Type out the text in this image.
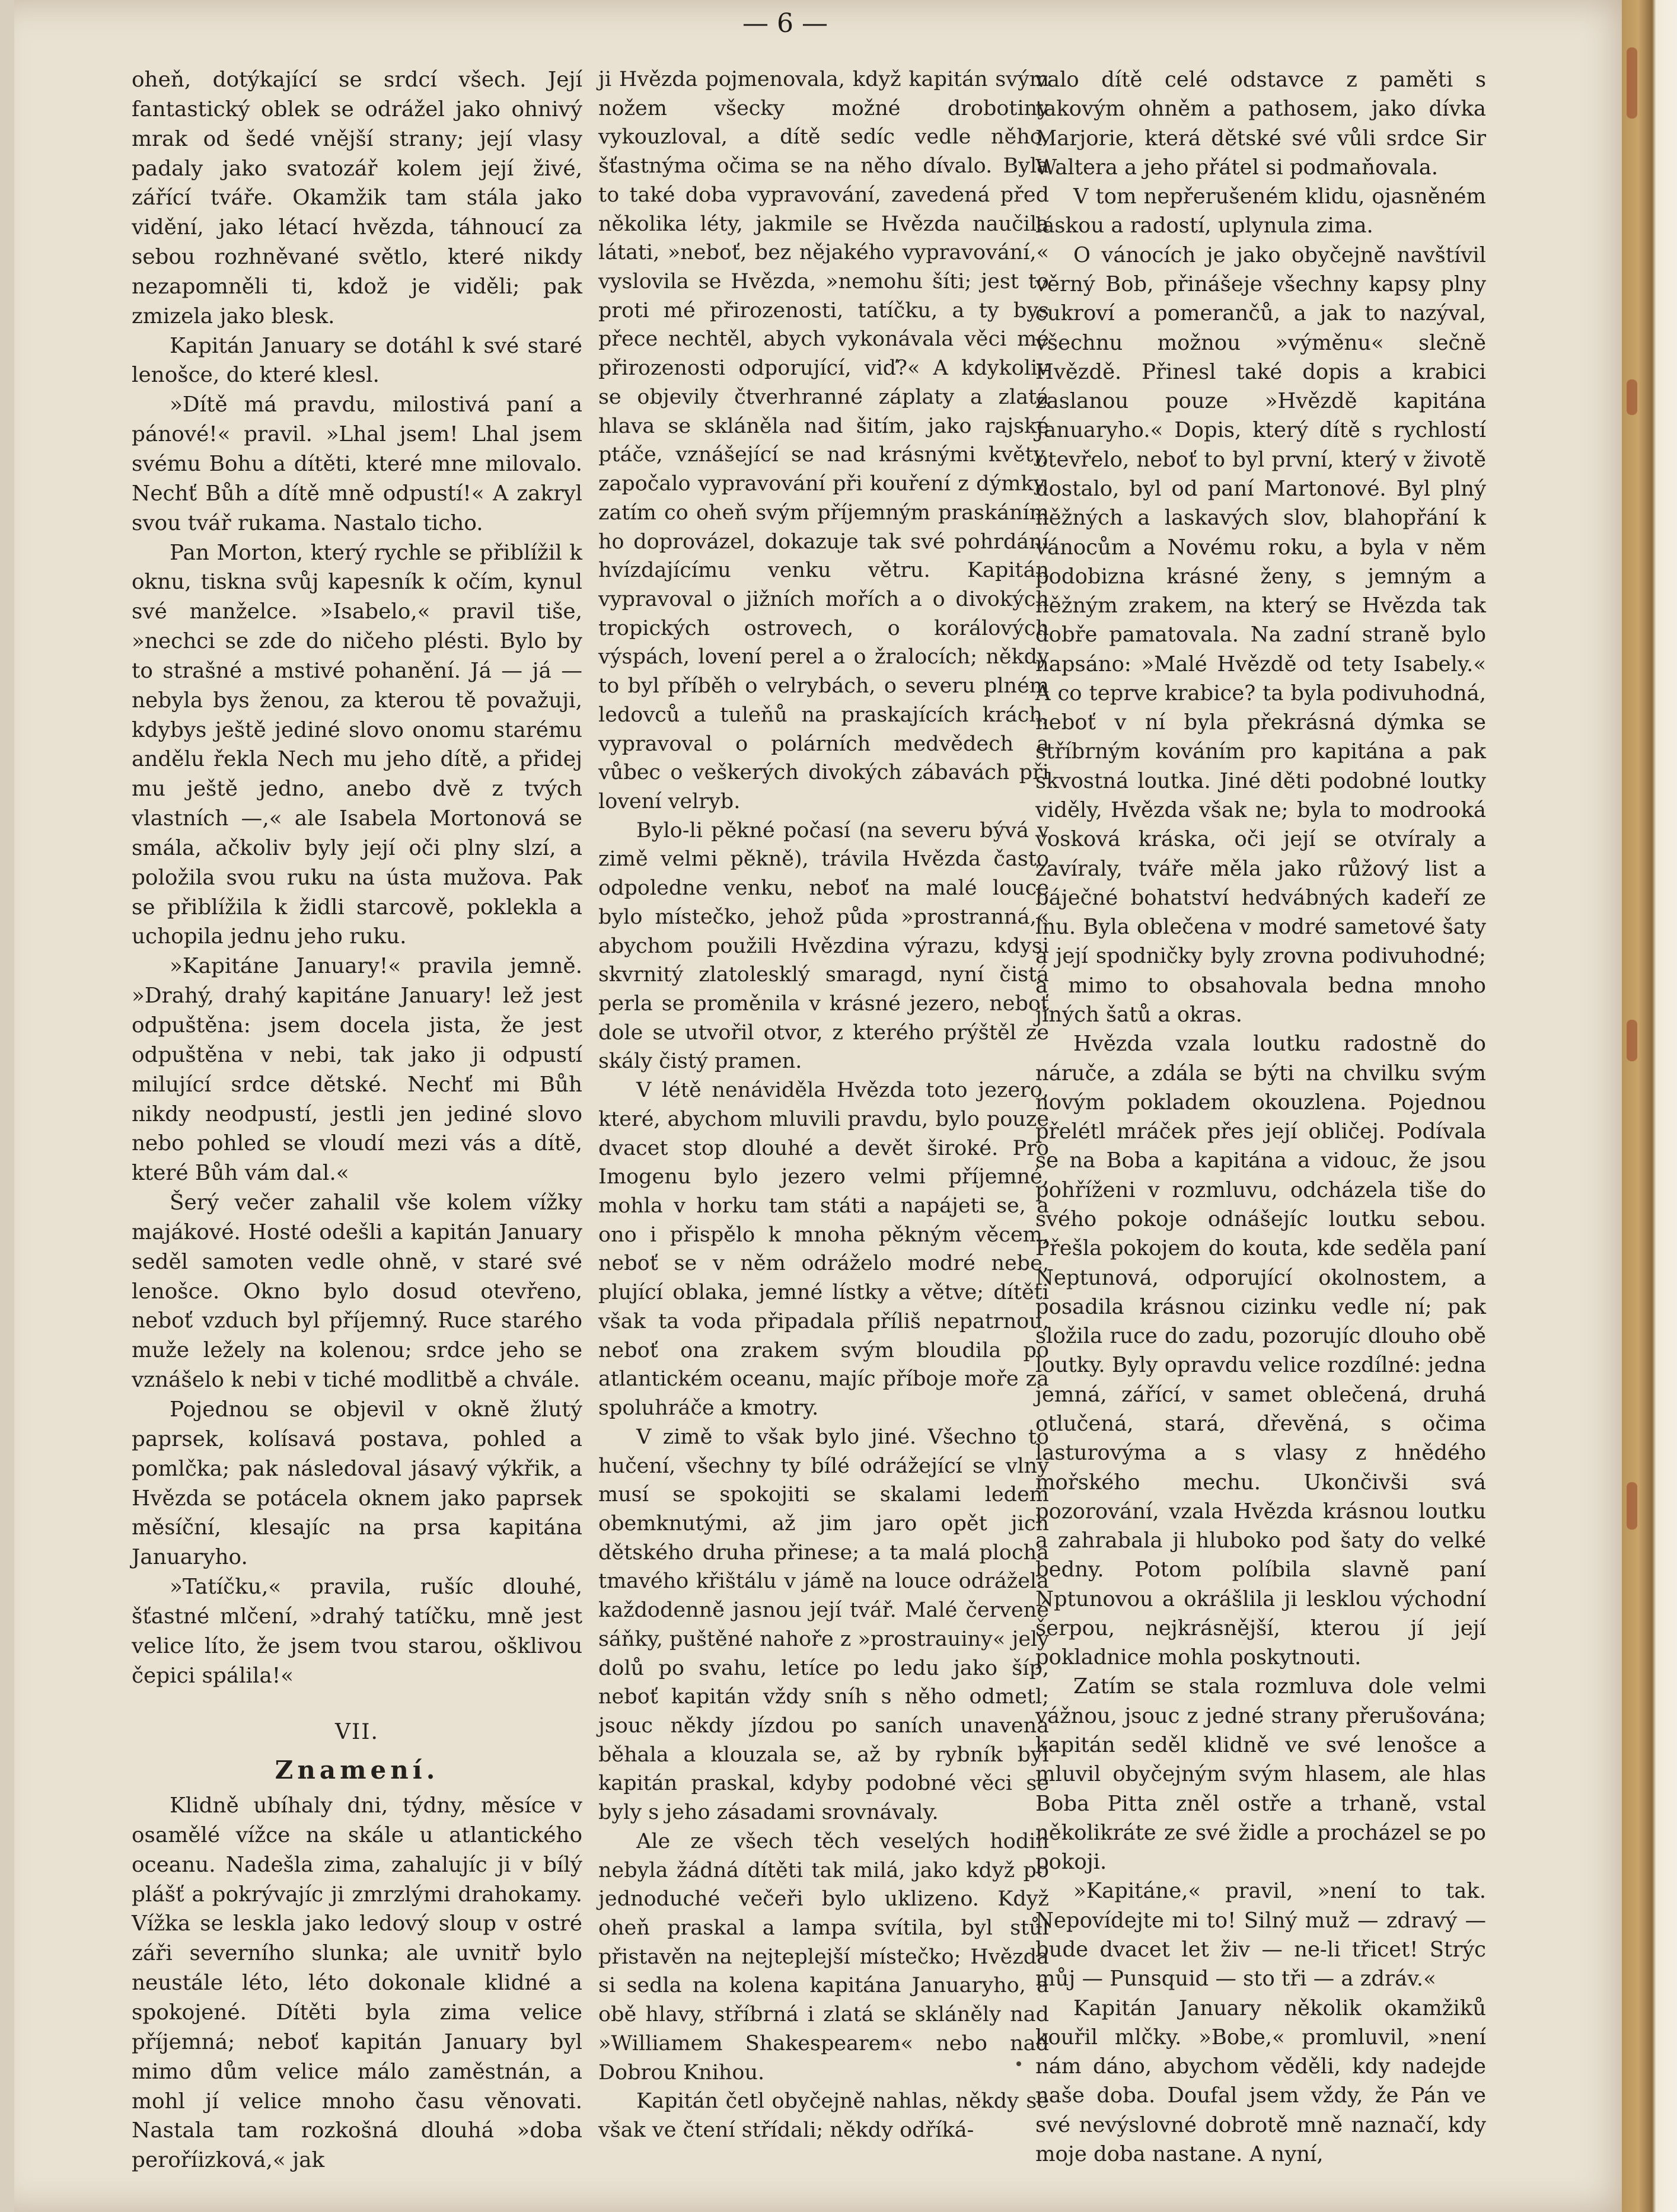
— 6 —

oheň, dotýkající se srdcí všech. Její fantastický oblek se odrážel jako ohnivý mrak od šedé vnější strany; její vlasy padaly jako svatozář kolem její živé, zářící tváře. Okamžik tam stála jako vidění, jako létací hvězda, táhnoucí za sebou rozhněvané světlo, které nikdy nezapomněli ti, kdož je viděli; pak zmizela jako blesk.

Kapitán January se dotáhl k své staré lenošce, do které klesl.

»Dítě má pravdu, milostivá paní a pánové!« pravil. »Lhal jsem! Lhal jsem svému Bohu a dítěti, které mne milovalo. Nechť Bůh a dítě mně odpustí!« A zakryl svou tvář rukama. Nastalo ticho.

Pan Morton, který rychle se přiblížil k oknu, tiskna svůj kapesník k očím, kynul své manželce. »Isabelo,« pravil tiše, »nechci se zde do ničeho plésti. Bylo by to strašné a mstivé pohanění. Já — já — nebyla bys ženou, za kterou tě považuji, kdybys ještě jediné slovo onomu starému andělu řekla Nech mu jeho dítě, a přidej mu ještě jedno, anebo dvě z tvých vlastních —,« ale Isabela Mortonová se smála, ačkoliv byly její oči plny slzí, a položila svou ruku na ústa mužova. Pak se přiblížila k židli starcově, poklekla a uchopila jednu jeho ruku.

»Kapitáne January!« pravila jemně. »Drahý, drahý kapitáne January! lež jest odpuštěna: jsem docela jista, že jest odpuštěna v nebi, tak jako ji odpustí milující srdce dětské. Nechť mi Bůh nikdy neodpustí, jestli jen jediné slovo nebo pohled se vloudí mezi vás a dítě, které Bůh vám dal.«

Šerý večer zahalil vše kolem vížky majákové. Hosté odešli a kapitán January seděl samoten vedle ohně, v staré své lenošce. Okno bylo dosud otevřeno, neboť vzduch byl příjemný. Ruce starého muže ležely na kolenou; srdce jeho se vznášelo k nebi v tiché modlitbě a chvále.

Pojednou se objevil v okně žlutý paprsek, kolísavá postava, pohled a pomlčka; pak následoval jásavý výkřik, a Hvězda se potácela oknem jako paprsek měsíční, klesajíc na prsa kapitána Januaryho.

»Tatíčku,« pravila, rušíc dlouhé, šťastné mlčení, »drahý tatíčku, mně jest velice líto, že jsem tvou starou, ošklivou čepici spálila!«

VII.
Znamení.

Klidně ubíhaly dni, týdny, měsíce v osamělé vížce na skále u atlantického oceanu. Nadešla zima, zahalujíc ji v bílý plášť a pokrývajíc ji zmrzlými drahokamy. Vížka se leskla jako ledový sloup v ostré záři severního slunka; ale uvnitř bylo neustále léto, léto dokonale klidné a spokojené. Dítěti byla zima velice příjemná; neboť kapitán January byl mimo dům velice málo zaměstnán, a mohl jí velice mnoho času věnovati. Nastala tam rozkošná dlouhá »doba peroříizková,« jak

ji Hvězda pojmenovala, když kapitán svým nožem všecky možné drobotiny vykouzloval, a dítě sedíc vedle něho, šťastnýma očima se na něho dívalo. Byla to také doba vypravování, zavedená před několika léty, jakmile se Hvězda naučila látati, »neboť, bez nějakého vypravování,« vyslovila se Hvězda, »nemohu šíti; jest to proti mé přirozenosti, tatíčku, a ty bys přece nechtěl, abych vykonávala věci mé přirozenosti odporující, viď?« A kdykoliv se objevily čtverhranné záplaty a zlatá hlava se skláněla nad šitím, jako rajské ptáče, vznášející se nad krásnými květy, započalo vypravování při kouření z dýmky, zatím co oheň svým příjemným praskáním ho doprovázel, dokazuje tak své pohrdání hvízdajícímu venku větru. Kapitán vypravoval o jižních mořích a o divokých tropických ostrovech, o korálových výspách, lovení perel a o žralocích; někdy to byl příběh o velrybách, o severu plném ledovců a tuleňů na praskajících krách, vypravoval o polárních medvědech a vůbec o veškerých divokých zábavách při lovení velryb.

Bylo-li pěkné počasí (na severu bývá v zimě velmi pěkně), trávila Hvězda často odpoledne venku, neboť na malé louce bylo místečko, jehož půda »prostranná,« abychom použili Hvězdina výrazu, kdysi skvrnitý zlatolesklý smaragd, nyní čistá perla se proměnila v krásné jezero, neboť dole se utvořil otvor, z kterého prýštěl ze skály čistý pramen.

V létě nenáviděla Hvězda toto jezero, které, abychom mluvili pravdu, bylo pouze dvacet stop dlouhé a devět široké. Pro Imogenu bylo jezero velmi příjemné, mohla v horku tam státi a napájeti se, a ono i přispělo k mnoha pěkným věcem, neboť se v něm odráželo modré nebe, plující oblaka, jemné lístky a větve; dítěti však ta voda připadala příliš nepatrnou, neboť ona zrakem svým bloudila po atlantickém oceanu, majíc příboje moře za spoluhráče a kmotry.

V zimě to však bylo jiné. Všechno to hučení, všechny ty bílé odrážející se vlny musí se spokojiti se skalami ledem obemknutými, až jim jaro opět jich dětského druha přinese; a ta malá plocha tmavého křištálu v jámě na louce odrážela každodenně jasnou její tvář. Malé červené sáňky, puštěné nahoře z »prostrauiny« jely dolů po svahu, letíce po ledu jako šíp, neboť kapitán vždy sníh s něho odmetl; jsouc někdy jízdou po saních unavena běhala a klouzala se, až by rybník byl kapitán praskal, kdyby podobné věci se byly s jeho zásadami srovnávaly.

Ale ze všech těch veselých hodin nebyla žádná dítěti tak milá, jako když po jednoduché večeři bylo uklizeno. Když oheň praskal a lampa svítila, byl stůl přistavěn na nejteplejší místečko; Hvězda si sedla na kolena kapitána Januaryho, a obě hlavy, stříbrná i zlatá se skláněly nad »Williamem Shakespearem« nebo nad Dobrou Knihou.

Kapitán četl obyčejně nahlas, někdy se však ve čtení střídali; někdy odříká-

valo dítě celé odstavce z paměti s takovým ohněm a pathosem, jako dívka Marjorie, která dětské své vůli srdce Sir Waltera a jeho přátel si podmaňovala.

V tom nepřerušeném klidu, ojasněném láskou a radostí, uplynula zima.

O vánocích je jako obyčejně navštívil věrný Bob, přinášeje všechny kapsy plny cukroví a pomerančů, a jak to nazýval, všechnu možnou »výměnu« slečně Hvězdě. Přinesl také dopis a krabici zaslanou pouze »Hvězdě kapitána Januaryho.« Dopis, který dítě s rychlostí otevřelo, neboť to byl první, který v životě dostalo, byl od paní Martonové. Byl plný něžných a laskavých slov, blahopřání k vánocům a Novému roku, a byla v něm podobizna krásné ženy, s jemným a něžným zrakem, na který se Hvězda tak dobře pamatovala. Na zadní straně bylo napsáno: »Malé Hvězdě od tety Isabely.« A co teprve krabice? ta byla podivuhodná, neboť v ní byla překrásná dýmka se stříbrným kováním pro kapitána a pak skvostná loutka. Jiné děti podobné loutky viděly, Hvězda však ne; byla to modrooká vosková kráska, oči její se otvíraly a zavíraly, tváře měla jako růžový list a báječné bohatství hedvábných kadeří ze lnu. Byla oblečena v modré sametové šaty a její spodničky byly zrovna podivuhodné; a mimo to obsahovala bedna mnoho jiných šatů a okras.

Hvězda vzala loutku radostně do náruče, a zdála se býti na chvilku svým novým pokladem okouzlena. Pojednou přelétl mráček přes její obličej. Podívala se na Boba a kapitána a vidouc, že jsou pohříženi v rozmluvu, odcházela tiše do svého pokoje odnášejíc loutku sebou. Přešla pokojem do kouta, kde seděla paní Neptunová, odporující okolnostem, a posadila krásnou cizinku vedle ní; pak složila ruce do zadu, pozorujíc dlouho obě loutky. Byly opravdu velice rozdílné: jedna jemná, zářící, v samet oblečená, druhá otlučená, stará, dřevěná, s očima lasturovýma a s vlasy z hnědého mořského mechu. Ukončivši svá pozorování, vzala Hvězda krásnou loutku a zahrabala ji hluboko pod šaty do velké bedny. Potom políbila slavně paní Nptunovou a okrášlila ji lesklou východní šerpou, nejkrásnější, kterou jí její pokladnice mohla poskytnouti.

Zatím se stala rozmluva dole velmi vážnou, jsouc z jedné strany přerušována; kapitán seděl klidně ve své lenošce a mluvil obyčejným svým hlasem, ale hlas Boba Pitta zněl ostře a trhaně, vstal několikráte ze své židle a procházel se po pokoji.

»Kapitáne,« pravil, »není to tak. Nepovídejte mi to! Silný muž — zdravý — bude dvacet let živ — ne-li třicet! Strýc můj — Punsquid — sto tři — a zdráv.«

Kapitán January několik okamžiků kouřil mlčky. »Bobe,« promluvil, »není nám dáno, abychom věděli, kdy nadejde naše doba. Doufal jsem vždy, že Pán ve své nevýslovné dobrotě mně naznačí, kdy moje doba nastane. A nyní,
